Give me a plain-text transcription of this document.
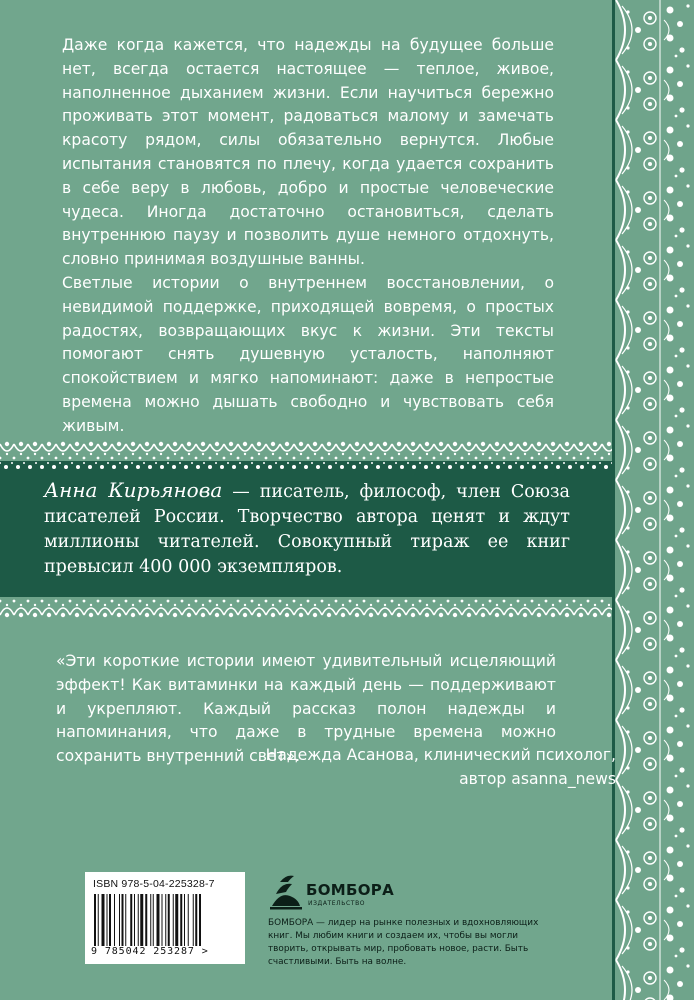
Даже когда кажется, что надежды на будущее больше нет, всегда остается настоящее — теплое, живое, наполненное дыханием жизни. Если научиться бережно проживать этот момент, радоваться малому и замечать красоту рядом, силы обязательно вернутся. Любые испытания становятся по плечу, когда удается сохранить в себе веру в любовь, добро и простые человеческие чудеса. Иногда достаточно остановиться, сделать внутреннюю паузу и позволить душе немного отдохнуть, словно принимая воздушные ванны.

Светлые истории о внутреннем восстановлении, о невидимой поддержке, приходящей вовремя, о простых радостях, возвращающих вкус к жизни. Эти тексты помогают снять душевную усталость, наполняют спокойствием и мягко напоминают: даже в непростые времена можно дышать свободно и чувствовать себя живым.

Анна Кирьянова — писатель, философ, член Союза писателей России. Творчество автора ценят и ждут миллионы читателей. Совокупный тираж ее книг превысил 400 000 экземпляров.

«Эти короткие истории имеют удивительный исцеляющий эффект! Как витаминки на каждый день — поддерживают и укрепляют. Каждый рассказ полон надежды и напоминания, что даже в трудные времена можно сохранить внутренний свет».

Надежда Асанова, клинический психолог,
автор asanna_news
ISBN 978-5-04-225328-7
9 785042 253287 >
БОМБОРА
ИЗДАТЕЛЬСТВО

БОМБОРА — лидер на рынке полезных и вдохновляющих книг. Мы любим книги и создаем их, чтобы вы могли творить, открывать мир, пробовать новое, расти. Быть счастливыми. Быть на волне.
